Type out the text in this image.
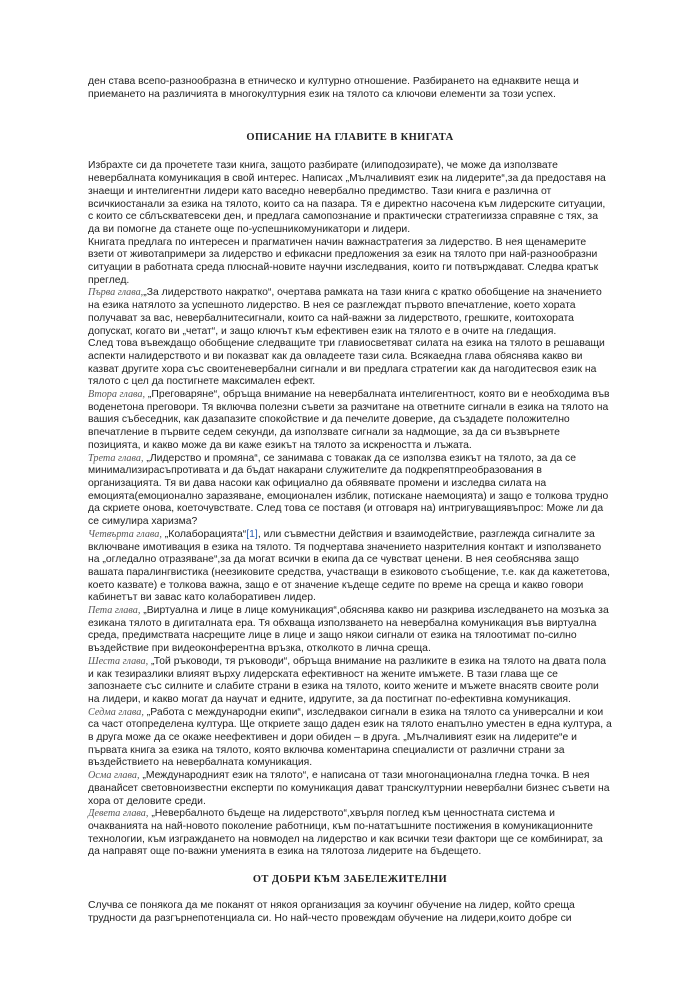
ден става всепо-разнообразна в етническо и културно отношение. Разбирането на еднаквите неща и приемането на различията в многокултурния език на тялото са ключови елементи за този успех.

ОПИСАНИЕ НА ГЛАВИТЕ В КНИГАТА

Избрахте си да прочетете тази книга, защото разбирате (илиподозирате), че може да използвате невербалната комуникация в свой интерес. Написах „Мълчаливият език на лидерите“,за да предоставя на знаещи и интелигентни лидери като васедно невербално предимство. Тази книга е различна от всичкиостанали за езика на тялото, които са на пазара. Тя е директно насочена към лидерските ситуации, с които се сблъскватевсеки ден, и предлага самопознание и практически стратегиизза справяне с тях, за да ви помогне да станете още по-успешникомуникатори и лидери.

Книгата предлага по интересен и прагматичен начин важнастратегия за лидерство. В нея щенамерите взети от животапримери за лидерство и ефикасни предложения за език на тялото при най-разнообразни ситуации в работната среда плюснай-новите научни изследвания, които ги потвърждават. Следва кратък преглед.

Първа глава,„За лидерството накратко“, очертава рамката на тази книга с кратко обобщение на значението на езика натялото за успешното лидерство. В нея се разглеждат първото впечатление, което хората получават за вас, невербалнитесигнали, които са най-важни за лидерството, грешките, коитохората допускат, когато ви „четат“, и защо ключът към ефективен език на тялото е в очите на гледащия.

След това въвеждащо обобщение следващите три главиосветяват силата на езика на тялото в решаващи аспекти налидерството и ви показват как да овладеете тази сила. Всякаедна глава обяснява какво ви казват другите хора със своитеневербални сигнали и ви предлага стратегии как да нагодитесвоя език на тялото с цел да постигнете максимален ефект.

Втора глава, „Преговаряне“, обръща внимание на невербалната интелигентност, която ви е необходима във воденетона преговори. Тя включва полезни съвети за разчитане на ответните сигнали в езика на тялото на вашия събеседник, как дазапазите спокойствие и да печелите доверие, да създадете положително впечатление в първите седем секунди, да използвате сигнали за надмощие, за да си възвърнете позицията, и какво може да ви каже езикът на тялото за искреността и лъжата.

Трета глава, „Лидерство и промяна“, се занимава с товакак да се използва езикът на тялото, за да се минимализирасъпротивата и да бъдат накарани служителите да подкрепятпреобразования в организацията. Тя ви дава насоки как официално да обявявате промени и изследва силата на емоцията(емоционално заразяване, емоционален изблик, потискане наемоцията) и защо е толкова трудно да скриете онова, коеточувствате. След това се поставя (и отговаря на) интригуващиявъпрос: Може ли да се симулира харизма?

Четвърта глава, „Колаборацията“[1], или съвместни действия и взаимодействие, разглежда сигналите за включване имотивация в езика на тялото. Тя подчертава значението назрителния контакт и използването на „огледално отразяване“,за да могат всички в екипа да се чувстват ценени. В нея сеобяснява защо вашата паралингвистика (неезиковите средства, участващи в езиковото съобщение, т.е. как да кажететова, което казвате) е толкова важна, защо е от значение къдеще седите по време на среща и какво говори кабинетът ви завас като колаборативен лидер.

Пета глава, „Виртуална и лице в лице комуникация“,обяснява какво ни разкрива изследването на мозъка за езикана тялото в дигиталната ера. Тя обхваща използването на невербална комуникация във виртуална среда, предимствата насрещите лице в лице и защо някои сигнали от езика на тялоотимат по-силно въздействие при видеоконферентна връзка, отколкото в лична среща.

Шеста глава, „Той ръководи, тя ръководи“, обръща внимание на разликите в езика на тялото на двата пола и как тезиразлики влияят върху лидерската ефективност на жените имъжете. В тази глава ще се запознаете със силните и слабите страни в езика на тялото, които жените и мъжете внасятв своите роли на лидери, и какво могат да научат и едните, идругите, за да постигнат по-ефективна комуникация.

Седма глава, „Работа с международни екипи“, изследвакои сигнали в езика на тялото са универсални и кои са част отопределена култура. Ще откриете защо даден език на тялото енапълно уместен в една култура, а в друга може да се окаже неефективен и дори обиден – в друга. „Мълчаливият език на лидерите“е и първата книга за езика на тялото, която включва коментарина специалисти от различни страни за въздействието на невербалната комуникация.

Осма глава, „Международният език на тялото“, е написана от тази многонационална гледна точка. В нея дванайсет световноизвестни експерти по комуникация дават транскултурнии невербални бизнес съвети на хора от деловите среди.

Девета глава, „Невербалното бъдеще на лидерството“,хвърля поглед към ценностната система и очакванията на най-новото поколение работници, към по-нататъшните постижения в комуникационните технологии, към изграждането на новмодел на лидерство и как всички тези фактори ще се комбинират, за да направят още по-важни уменията в езика на тялотоза лидерите на бъдещето.

ОТ ДОБРИ КЪМ ЗАБЕЛЕЖИТЕЛНИ

Случва се понякога да ме поканят от някоя организация за коучинг обучение на лидер, който среща трудности да разгърнепотенциала си. Но най-често провеждам обучение на лидери,които добре си
